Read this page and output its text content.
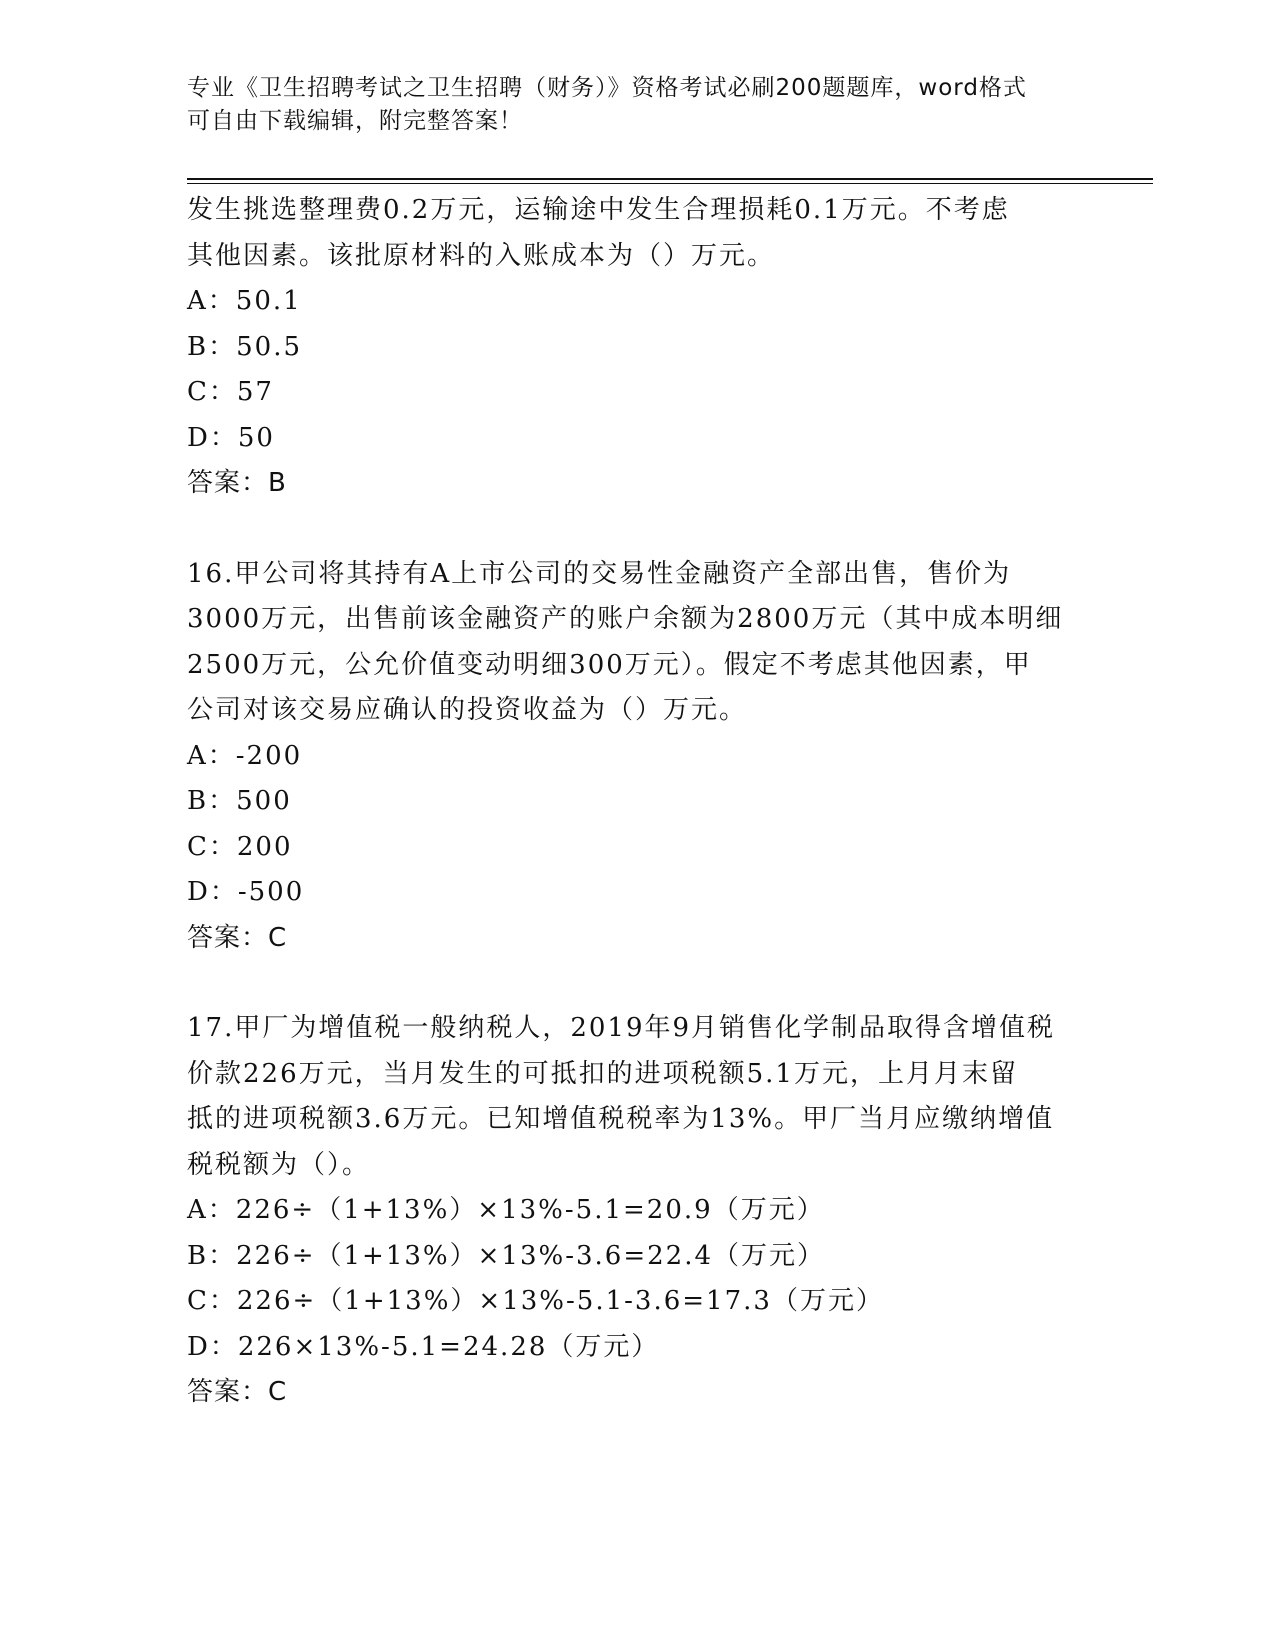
专业《卫生招聘考试之卫生招聘（财务）》资格考试必刷200题题库，word格式
可自由下载编辑，附完整答案！

发生挑选整理费0.2万元，运输途中发生合理损耗0.1万元。不考虑

其他因素。该批原材料的入账成本为（）万元。

A：50.1

B：50.5

C：57

D：50

答案：B

16.甲公司将其持有A上市公司的交易性金融资产全部出售，售价为

3000万元，出售前该金融资产的账户余额为2800万元（其中成本明细

2500万元，公允价值变动明细300万元）。假定不考虑其他因素，甲

公司对该交易应确认的投资收益为（）万元。

A：-200

B：500

C：200

D：-500

答案：C

17.甲厂为增值税一般纳税人，2019年9月销售化学制品取得含增值税

价款226万元，当月发生的可抵扣的进项税额5.1万元，上月月末留

抵的进项税额3.6万元。已知增值税税率为13%。甲厂当月应缴纳增值

税税额为（）。

A：226÷（1+13%）×13%-5.1=20.9（万元）

B：226÷（1+13%）×13%-3.6=22.4（万元）

C：226÷（1+13%）×13%-5.1-3.6=17.3（万元）

D：226×13%-5.1=24.28（万元）

答案：C
